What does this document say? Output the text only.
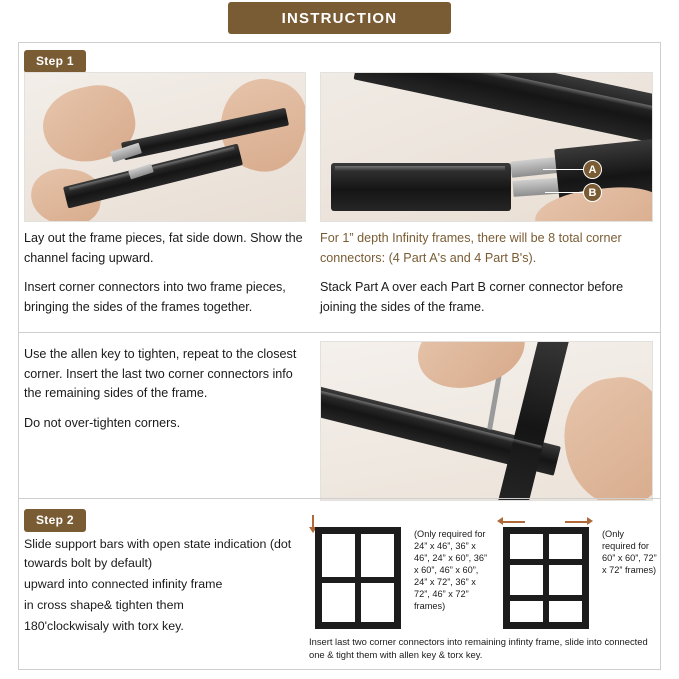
INSTRUCTION
Step 1
A
B

Lay out the frame pieces, fat side down. Show the channel facing upward.

Insert corner connectors into two frame pieces, bringing the sides of the frames together.

For 1” depth Infinity frames, there will be 8 total corner connectors: (4 Part A's and 4 Part B's).

Stack Part A over each Part B corner connector before joining the sides of the frame.

Use the allen key to tighten, repeat to the closest corner. Insert the last two corner connectors info the remaining sides of the frame.

Do not over-tighten corners.

Step 2

Slide support bars with open state indication (dot towards bolt by default)

upward into connected infinity frame

in cross shape& tighten them

180'clockwisaly with torx key.

(Only required for 24” x 46”, 36” x 46”, 24” x 60”, 36” x 60”, 46” x 60”, 24” x 72”, 36” x 72”, 46” x 72” frames)
(Only required for 60” x 60”, 72” x 72” frames)
Insert last two corner connectors into remaining infinty frame, slide into connected one & tight them with allen key & torx key.
